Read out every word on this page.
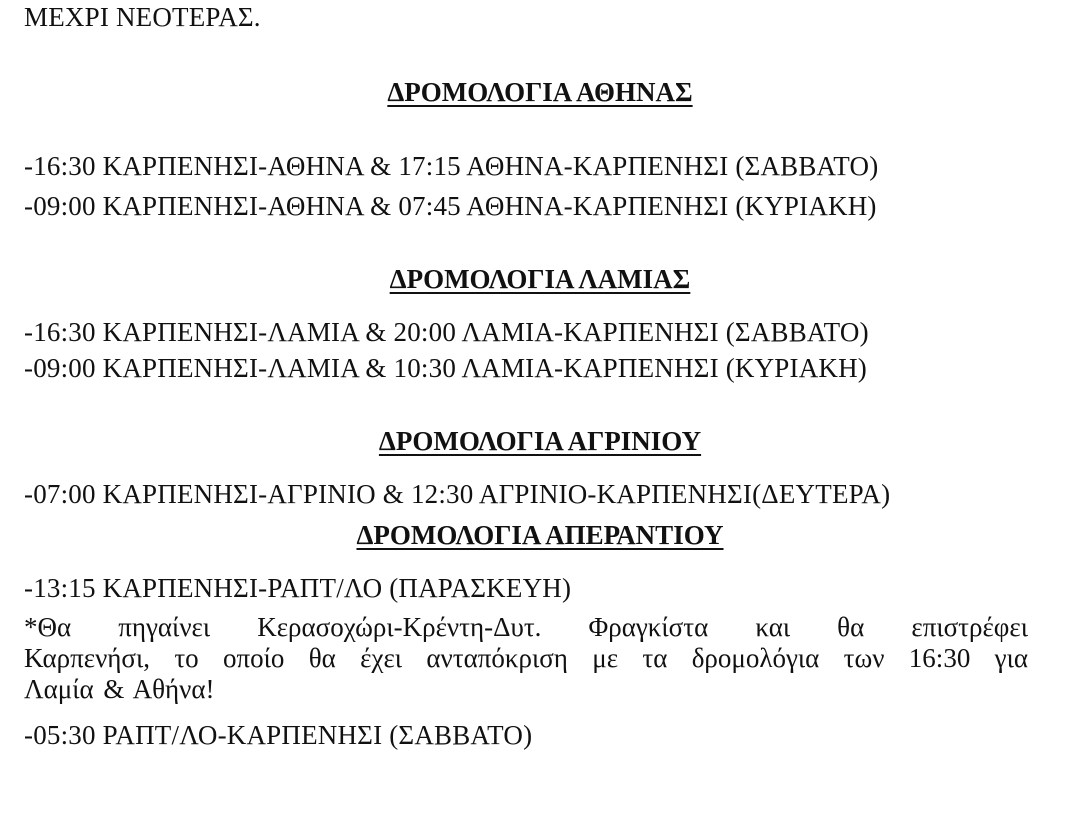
ΜΕΧΡΙ ΝΕΟΤΕΡΑΣ.
ΔΡΟΜΟΛΟΓΙΑ ΑΘΗΝΑΣ
-16:30 ΚΑΡΠΕΝΗΣΙ-ΑΘΗΝΑ & 17:15 ΑΘΗΝΑ-ΚΑΡΠΕΝΗΣΙ (ΣΑΒΒΑΤΟ)
-09:00 ΚΑΡΠΕΝΗΣΙ-ΑΘΗΝΑ & 07:45 ΑΘΗΝΑ-ΚΑΡΠΕΝΗΣΙ (ΚΥΡΙΑΚΗ)
ΔΡΟΜΟΛΟΓΙΑ ΛΑΜΙΑΣ
-16:30 ΚΑΡΠΕΝΗΣΙ-ΛΑΜΙΑ & 20:00 ΛΑΜΙΑ-ΚΑΡΠΕΝΗΣΙ (ΣΑΒΒΑΤΟ)
-09:00 ΚΑΡΠΕΝΗΣΙ-ΛΑΜΙΑ & 10:30 ΛΑΜΙΑ-ΚΑΡΠΕΝΗΣΙ (ΚΥΡΙΑΚΗ)
ΔΡΟΜΟΛΟΓΙΑ ΑΓΡΙΝΙΟΥ
-07:00 ΚΑΡΠΕΝΗΣΙ-ΑΓΡΙΝΙΟ & 12:30 ΑΓΡΙΝΙΟ-ΚΑΡΠΕΝΗΣΙ(ΔΕΥΤΕΡΑ)
ΔΡΟΜΟΛΟΓΙΑ ΑΠΕΡΑΝΤΙΟΥ
-13:15 ΚΑΡΠΕΝΗΣΙ-ΡΑΠΤ/ΛΟ (ΠΑΡΑΣΚΕΥΗ)
*Θα πηγαίνει Κερασοχώρι-Κρέντη-Δυτ. Φραγκίστα και θα επιστρέφει
Καρπενήσι, το οποίο θα έχει ανταπόκριση με τα δρομολόγια των 16:30 για
Λαμία & Αθήνα!
-05:30 ΡΑΠΤ/ΛΟ-ΚΑΡΠΕΝΗΣΙ (ΣΑΒΒΑΤΟ)
